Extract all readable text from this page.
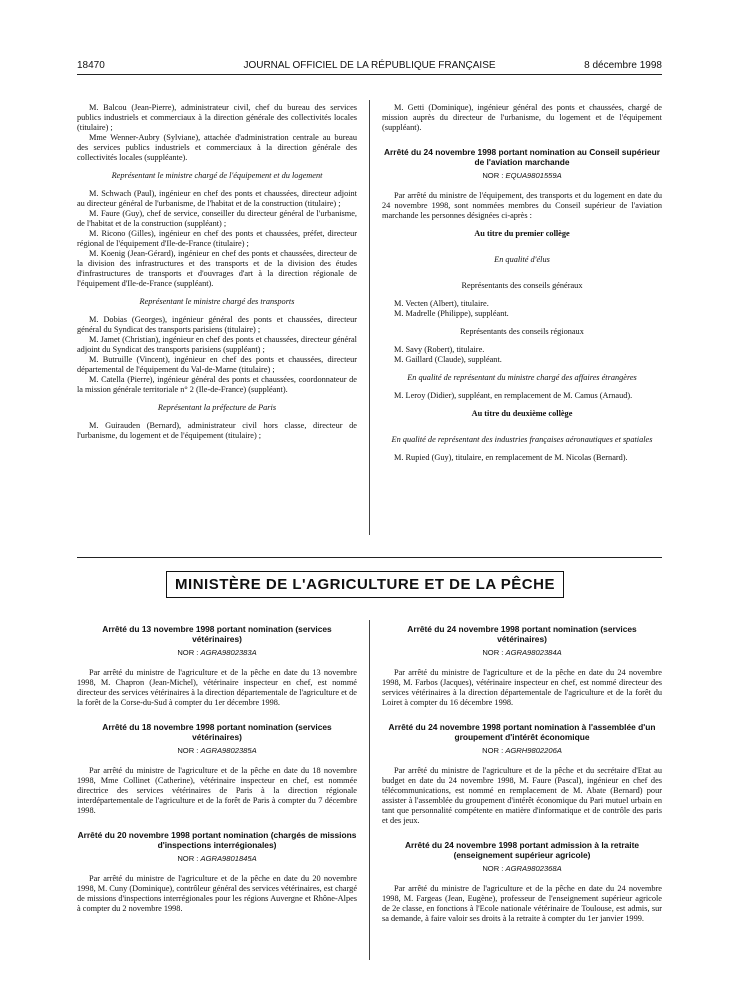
18470	JOURNAL OFFICIEL DE LA RÉPUBLIQUE FRANÇAISE	8 décembre 1998

M. Balcou (Jean-Pierre), administrateur civil, chef du bureau des services publics industriels et commerciaux à la direction générale des collectivités locales (titulaire) ;

Mme Wenner-Aubry (Sylviane), attachée d'administration centrale au bureau des services publics industriels et commerciaux à la direction générale des collectivités locales (suppléante).

Représentant le ministre chargé de l'équipement et du logement

M. Schwach (Paul), ingénieur en chef des ponts et chaussées, directeur adjoint au directeur général de l'urbanisme, de l'habitat et de la construction (titulaire) ;

M. Faure (Guy), chef de service, conseiller du directeur général de l'urbanisme, de l'habitat et de la construction (suppléant) ;

M. Ricono (Gilles), ingénieur en chef des ponts et chaussées, préfet, directeur régional de l'équipement d'Ile-de-France (titulaire) ;

M. Koenig (Jean-Gérard), ingénieur en chef des ponts et chaussées, directeur de la division des infrastructures et des transports et de la division des études d'infrastructures de transports et d'ouvrages d'art à la direction régionale de l'équipement d'Ile-de-France (suppléant).

Représentant le ministre chargé des transports

M. Dobias (Georges), ingénieur général des ponts et chaussées, directeur général du Syndicat des transports parisiens (titulaire) ;

M. Jamet (Christian), ingénieur en chef des ponts et chaussées, directeur général adjoint du Syndicat des transports parisiens (suppléant) ;

M. Butruille (Vincent), ingénieur en chef des ponts et chaussées, directeur départemental de l'équipement du Val-de-Marne (titulaire) ;

M. Catella (Pierre), ingénieur général des ponts et chaussées, coordonnateur de la mission générale territoriale n° 2 (Ile-de-France) (suppléant).

Représentant la préfecture de Paris

M. Guirauden (Bernard), administrateur civil hors classe, directeur de l'urbanisme, du logement et de l'équipement (titulaire) ;

M. Getti (Dominique), ingénieur général des ponts et chaussées, chargé de mission auprès du directeur de l'urbanisme, du logement et de l'équipement (suppléant).

Arrêté du 24 novembre 1998 portant nomination au Conseil supérieur de l'aviation marchande

NOR : EQUA9801559A

Par arrêté du ministre de l'équipement, des transports et du logement en date du 24 novembre 1998, sont nommées membres du Conseil supérieur de l'aviation marchande les personnes désignées ci-après :

Au titre du premier collège

En qualité d'élus

Représentants des conseils généraux

M. Vecten (Albert), titulaire.

M. Madrelle (Philippe), suppléant.

Représentants des conseils régionaux

M. Savy (Robert), titulaire.

M. Gaillard (Claude), suppléant.

En qualité de représentant du ministre chargé des affaires étrangères

M. Leroy (Didier), suppléant, en remplacement de M. Camus (Arnaud).

Au titre du deuxième collège

En qualité de représentant des industries françaises aéronautiques et spatiales

M. Rupied (Guy), titulaire, en remplacement de M. Nicolas (Bernard).

MINISTÈRE DE L'AGRICULTURE ET DE LA PÊCHE

Arrêté du 13 novembre 1998 portant nomination (services vétérinaires)

NOR : AGRA9802383A

Par arrêté du ministre de l'agriculture et de la pêche en date du 13 novembre 1998, M. Chapron (Jean-Michel), vétérinaire inspecteur en chef, est nommé directeur des services vétérinaires à la direction départementale de l'agriculture et de la forêt de la Corse-du-Sud à compter du 1er décembre 1998.

Arrêté du 18 novembre 1998 portant nomination (services vétérinaires)

NOR : AGRA9802385A

Par arrêté du ministre de l'agriculture et de la pêche en date du 18 novembre 1998, Mme Collinet (Catherine), vétérinaire inspecteur en chef, est nommée directrice des services vétérinaires de Paris à la direction régionale interdépartementale de l'agriculture et de la forêt de Paris à compter du 7 décembre 1998.

Arrêté du 20 novembre 1998 portant nomination (chargés de missions d'inspections interrégionales)

NOR : AGRA9801845A

Par arrêté du ministre de l'agriculture et de la pêche en date du 20 novembre 1998, M. Cuny (Dominique), contrôleur général des services vétérinaires, est chargé de missions d'inspections interrégionales pour les régions Auvergne et Rhône-Alpes à compter du 2 novembre 1998.

Arrêté du 24 novembre 1998 portant nomination (services vétérinaires)

NOR : AGRA9802384A

Par arrêté du ministre de l'agriculture et de la pêche en date du 24 novembre 1998, M. Farbos (Jacques), vétérinaire inspecteur en chef, est nommé directeur des services vétérinaires à la direction départementale de l'agriculture et de la forêt du Loiret à compter du 16 décembre 1998.

Arrêté du 24 novembre 1998 portant nomination à l'assemblée d'un groupement d'intérêt économique

NOR : AGRH9802206A

Par arrêté du ministre de l'agriculture et de la pêche et du secrétaire d'Etat au budget en date du 24 novembre 1998, M. Faure (Pascal), ingénieur en chef des télécommunications, est nommé en remplacement de M. Abate (Bernard) pour assister à l'assemblée du groupement d'intérêt économique du Pari mutuel urbain en tant que personnalité compétente en matière d'informatique et de contrôle des paris et des jeux.

Arrêté du 24 novembre 1998 portant admission à la retraite (enseignement supérieur agricole)

NOR : AGRA9802368A

Par arrêté du ministre de l'agriculture et de la pêche en date du 24 novembre 1998, M. Fargeas (Jean, Eugène), professeur de l'enseignement supérieur agricole de 2e classe, en fonctions à l'Ecole nationale vétérinaire de Toulouse, est admis, sur sa demande, à faire valoir ses droits à la retraite à compter du 1er janvier 1999.
